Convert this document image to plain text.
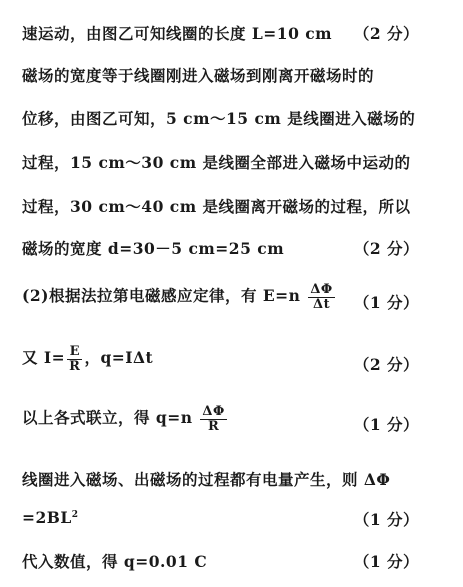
速运动，由图乙可知线圈的长度 L=10 cm （2 分）
磁场的宽度等于线圈刚进入磁场到刚离开磁场时的
位移，由图乙可知，5 cm～15 cm 是线圈进入磁场的
过程，15 cm～30 cm 是线圈全部进入磁场中运动的
过程，30 cm～40 cm 是线圈离开磁场的过程，所以
磁场的宽度 d=30－5 cm=25 cm	（2 分）
(2)根据法拉第电磁感应定律，有 $E=n \frac{\Delta\Phi}{\Delta t} (1$ 分）
又 $I= \frac{E}{R}$ ，q=IΔt	（2 分）
以上各式联立，得 $q=n \frac{\Delta\Phi}{R}$	（1 分）
线圈进入磁场、出磁场的过程都有电量产生，则 ΔΦ
$=2BL^2$	（1 分）
代入数值，得 q=0.01 C	（1 分）
